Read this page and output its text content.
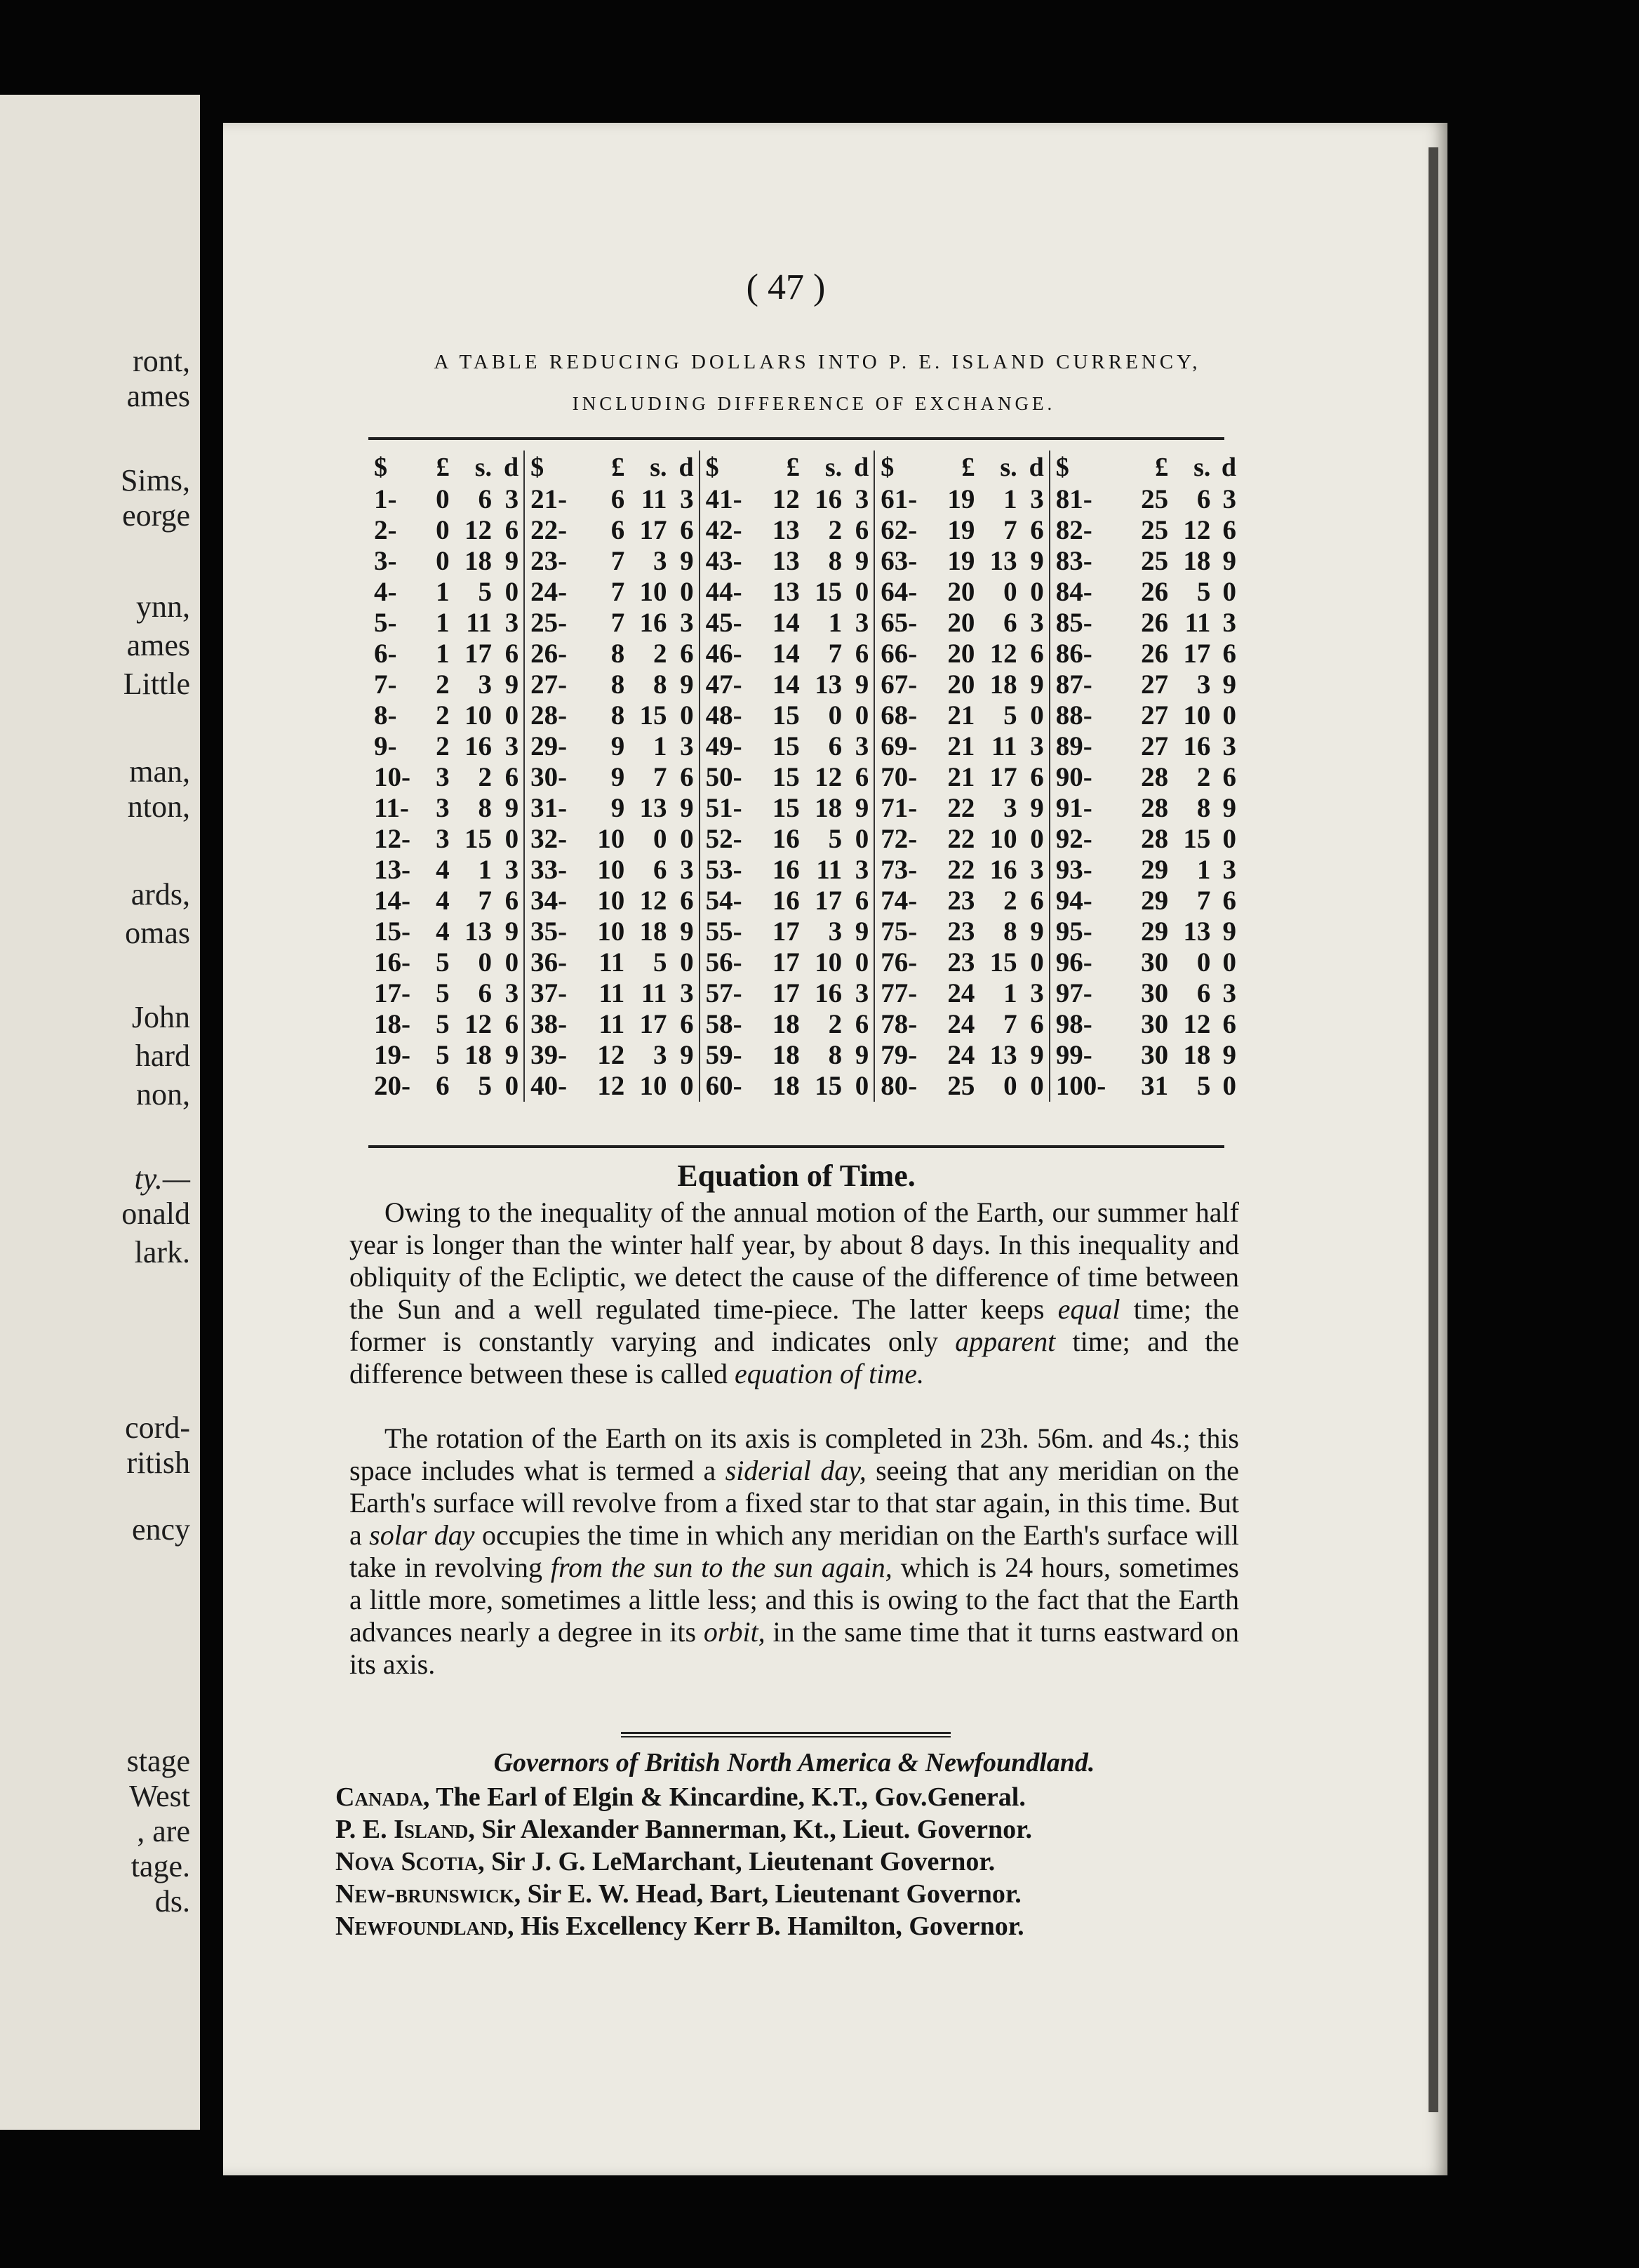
ront,
ames
Sims,
eorge
ynn,
ames
Little
man,
nton,
ards,
omas
John
hard
non,
ty.—
onald
lark.
cord-
ritish
ency
stage
West
, are
tage.
ds.
( 47 )
A TABLE REDUCING DOLLARS INTO P. E. ISLAND CURRENCY,
INCLUDING DIFFERENCE OF EXCHANGE.
$	£	s.	d	$	£	s.	d	$	£	s.	d	$	£	s.	d	$	£	s.	d
1-	0	6	3	21-	6	11	3	41-	12	16	3	61-	19	1	3	81-	25	6	3
2-	0	12	6	22-	6	17	6	42-	13	2	6	62-	19	7	6	82-	25	12	6
3-	0	18	9	23-	7	3	9	43-	13	8	9	63-	19	13	9	83-	25	18	9
4-	1	5	0	24-	7	10	0	44-	13	15	0	64-	20	0	0	84-	26	5	0
5-	1	11	3	25-	7	16	3	45-	14	1	3	65-	20	6	3	85-	26	11	3
6-	1	17	6	26-	8	2	6	46-	14	7	6	66-	20	12	6	86-	26	17	6
7-	2	3	9	27-	8	8	9	47-	14	13	9	67-	20	18	9	87-	27	3	9
8-	2	10	0	28-	8	15	0	48-	15	0	0	68-	21	5	0	88-	27	10	0
9-	2	16	3	29-	9	1	3	49-	15	6	3	69-	21	11	3	89-	27	16	3
10-	3	2	6	30-	9	7	6	50-	15	12	6	70-	21	17	6	90-	28	2	6
11-	3	8	9	31-	9	13	9	51-	15	18	9	71-	22	3	9	91-	28	8	9
12-	3	15	0	32-	10	0	0	52-	16	5	0	72-	22	10	0	92-	28	15	0
13-	4	1	3	33-	10	6	3	53-	16	11	3	73-	22	16	3	93-	29	1	3
14-	4	7	6	34-	10	12	6	54-	16	17	6	74-	23	2	6	94-	29	7	6
15-	4	13	9	35-	10	18	9	55-	17	3	9	75-	23	8	9	95-	29	13	9
16-	5	0	0	36-	11	5	0	56-	17	10	0	76-	23	15	0	96-	30	0	0
17-	5	6	3	37-	11	11	3	57-	17	16	3	77-	24	1	3	97-	30	6	3
18-	5	12	6	38-	11	17	6	58-	18	2	6	78-	24	7	6	98-	30	12	6
19-	5	18	9	39-	12	3	9	59-	18	8	9	79-	24	13	9	99-	30	18	9
20-	6	5	0	40-	12	10	0	60-	18	15	0	80-	25	0	0	100-	31	5	0
Equation of Time.

Owing to the inequality of the annual motion of the Earth, our summer half year is longer than the winter half year, by about 8 days. In this inequality and obliquity of the Ecliptic, we detect the cause of the difference of time between the Sun and a well regulated time-piece. The latter keeps equal time; the former is constantly varying and indicates only apparent time; and the difference between these is called equation of time.

The rotation of the Earth on its axis is completed in 23h. 56m. and 4s.; this space includes what is termed a siderial day, seeing that any meridian on the Earth's surface will revolve from a fixed star to that star again, in this time. But a solar day occupies the time in which any meridian on the Earth's surface will take in revolving from the sun to the sun again, which is 24 hours, sometimes a little more, sometimes a little less; and this is owing to the fact that the Earth advances nearly a degree in its orbit, in the same time that it turns eastward on its axis.

Governors of British North America & Newfoundland.
Canada, The Earl of Elgin & Kincardine, K.T., Gov.General.
P. E. Island, Sir Alexander Bannerman, Kt., Lieut. Governor.
Nova Scotia, Sir J. G. LeMarchant, Lieutenant Governor.
New-brunswick, Sir E. W. Head, Bart, Lieutenant Governor.
Newfoundland, His Excellency Kerr B. Hamilton, Governor.
